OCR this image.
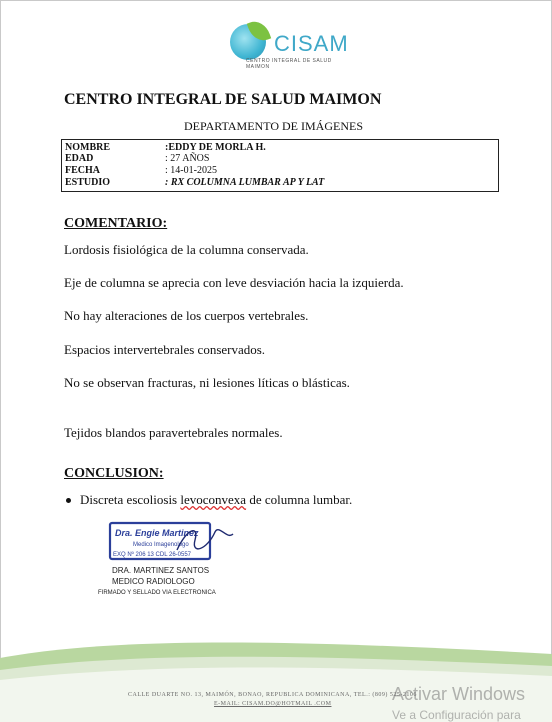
CISAM
CENTRO INTEGRAL DE SALUD MAIMON
CENTRO INTEGRAL DE SALUD MAIMON
DEPARTAMENTO DE IMÁGENES
NOMBRE	:EDDY DE MORLA H.
EDAD	: 27 AÑOS
FECHA	: 14-01-2025
ESTUDIO	: RX COLUMNA LUMBAR AP Y LAT
COMENTARIO:
Lordosis fisiológica de la columna conservada.
Eje de columna se aprecia con leve desviación hacia la izquierda.
No hay alteraciones de los cuerpos vertebrales.
Espacios intervertebrales conservados.
No se observan fracturas, ni lesiones líticas o blásticas.
Tejidos blandos paravertebrales normales.
CONCLUSION:
Discreta escoliosis levoconvexa de columna lumbar.
Dra. Engie Martinez
Medico Imagenologo
EXQ Nº 206 13 CDL 26-0557
DRA. MARTINEZ SANTOS
MEDICO RADIOLOGO
FIRMADO Y SELLADO VIA ELECTRONICA
CALLE DUARTE NO. 13, MAIMÓN, BONAO, REPUBLICA DOMINICANA, TEL.: (809) 525-2106
E-MAIL: CISAM.DO@HOTMAIL .COM	Activar Windows
Ve a Configuración para
